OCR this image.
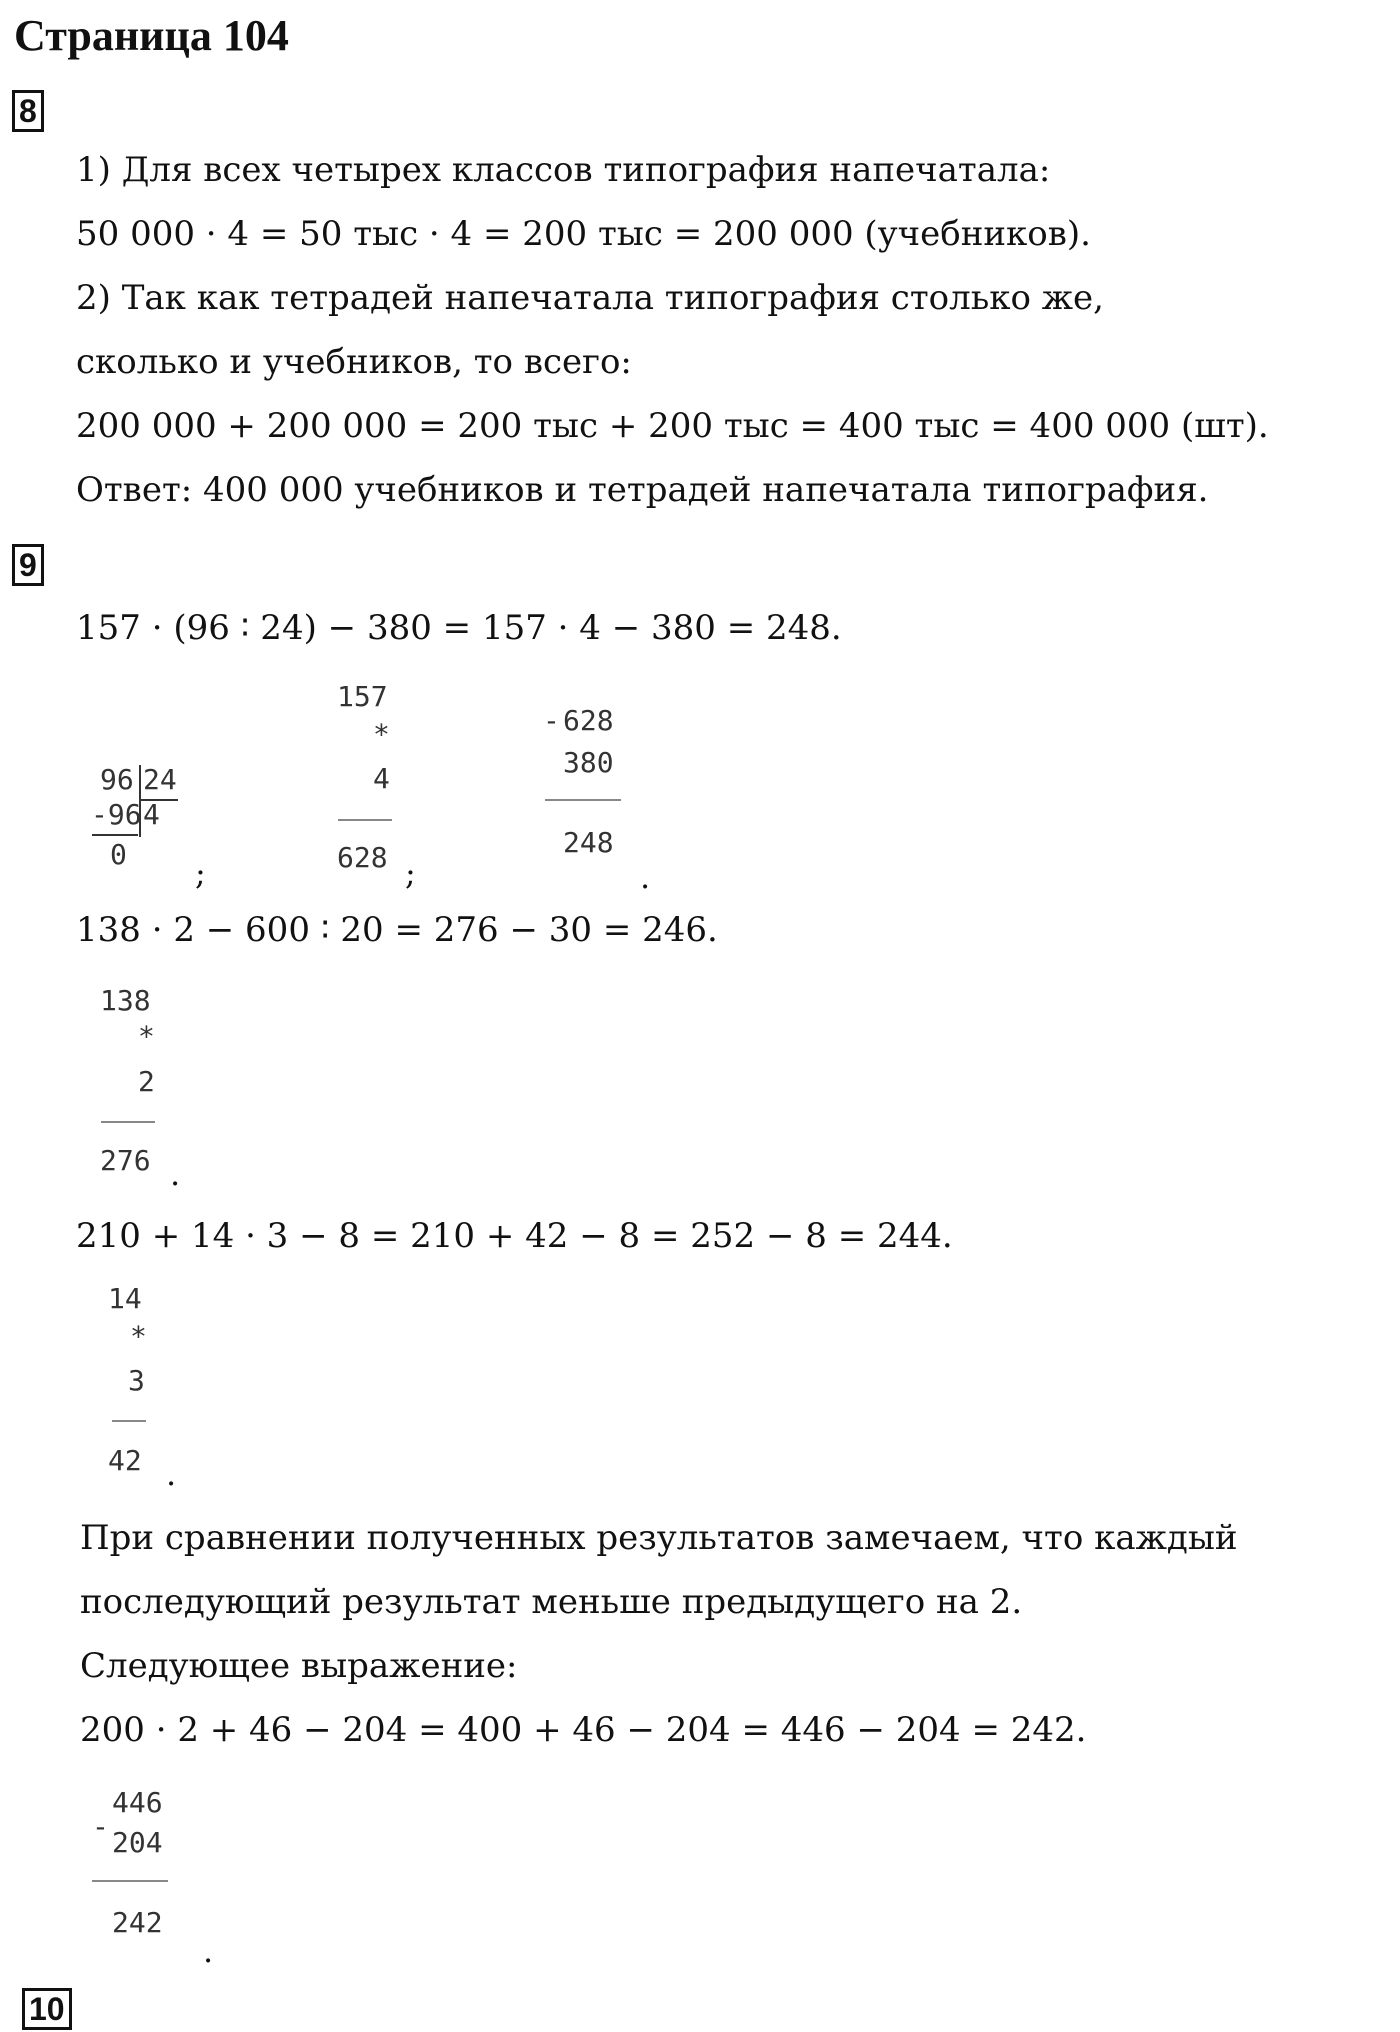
Страница 104
8
1) Для всех четырех классов типография напечатала:
50 000 · 4 = 50 тыс · 4 = 200 тыс = 200 000 (учебников).
2) Так как тетрадей напечатала типография столько же,
сколько и учебников, то всего:
200 000 + 200 000 = 200 тыс + 200 тыс = 400 тыс = 400 000 (шт).
Ответ: 400 000 учебников и тетрадей напечатала типография.
9
157 · (96 ∶ 24) − 380 = 157 · 4 − 380 = 248.
96 24
-96 4
0 ;
157
*
4
628 ;
- 628
380
248
.
138 · 2 − 600 ∶ 20 = 276 − 30 = 246.
138
*
2
276 .
210 + 14 · 3 − 8 = 210 + 42 − 8 = 252 − 8 = 244.
14
*
3
42 .
При сравнении полученных результатов замечаем, что каждый
последующий результат меньше предыдущего на 2.
Следующее выражение:
200 · 2 + 46 − 204 = 400 + 46 − 204 = 446 − 204 = 242.
-
446
204
242
.
10
